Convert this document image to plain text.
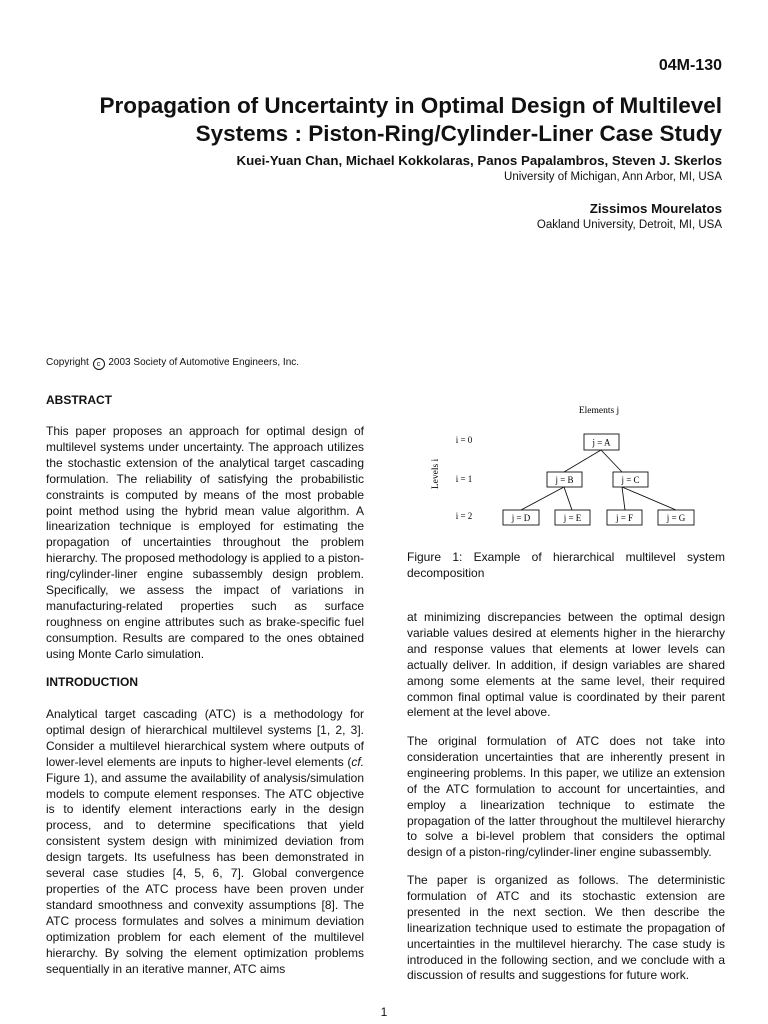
04M-130
Propagation of Uncertainty in Optimal Design of Multilevel Systems : Piston-Ring/Cylinder-Liner Case Study
Kuei-Yuan Chan, Michael Kokkolaras, Panos Papalambros, Steven J. Skerlos
University of Michigan, Ann Arbor, MI, USA
Zissimos Mourelatos
Oakland University, Detroit, MI, USA
Copyright c 2003 Society of Automotive Engineers, Inc.
ABSTRACT

This paper proposes an approach for optimal design of multilevel systems under uncertainty. The approach utilizes the stochastic extension of the analytical target cascading formulation. The reliability of satisfying the probabilistic constraints is computed by means of the most probable point method using the hybrid mean value algorithm. A linearization technique is employed for estimating the propagation of uncertainties throughout the problem hierarchy. The proposed methodology is applied to a piston-ring/cylinder-liner engine subassembly design problem. Specifically, we assess the impact of variations in manufacturing-related properties such as surface roughness on engine attributes such as brake-specific fuel consumption. Results are compared to the ones obtained using Monte Carlo simulation.

INTRODUCTION

Analytical target cascading (ATC) is a methodology for optimal design of hierarchical multilevel systems [1, 2, 3]. Consider a multilevel hierarchical system where outputs of lower-level elements are inputs to higher-level elements (cf. Figure 1), and assume the availability of analysis/simulation models to compute element responses. The ATC objective is to identify element interactions early in the design process, and to determine specifications that yield consistent system design with minimized deviation from design targets. Its usefulness has been demonstrated in several case studies [4, 5, 6, 7]. Global convergence properties of the ATC process have been proven under standard smoothness and convexity assumptions [8]. The ATC process formulates and solves a minimum deviation optimization problem for each element of the multilevel hierarchy. By solving the element optimization problems sequentially in an iterative manner, ATC aims

Elements j
Levels i
i = 0
i = 1
i = 2
j = A
j = B	j = C
j = D	j = E	j = F	j = G

Figure 1: Example of hierarchical multilevel system decomposition

at minimizing discrepancies between the optimal design variable values desired at elements higher in the hierarchy and response values that elements at lower levels can actually deliver. In addition, if design variables are shared among some elements at the same level, their required common final optimal value is coordinated by their parent element at the level above.

The original formulation of ATC does not take into consideration uncertainties that are inherently present in engineering problems. In this paper, we utilize an extension of the ATC formulation to account for uncertainties, and employ a linearization technique to estimate the propagation of the latter throughout the multilevel hierarchy to solve a bi-level problem that considers the optimal design of a piston-ring/cylinder-liner engine subassembly.

The paper is organized as follows. The deterministic formulation of ATC and its stochastic extension are presented in the next section. We then describe the linearization technique used to estimate the propagation of uncertainties in the multilevel hierarchy. The case study is introduced in the following section, and we conclude with a discussion of results and suggestions for future work.

1
